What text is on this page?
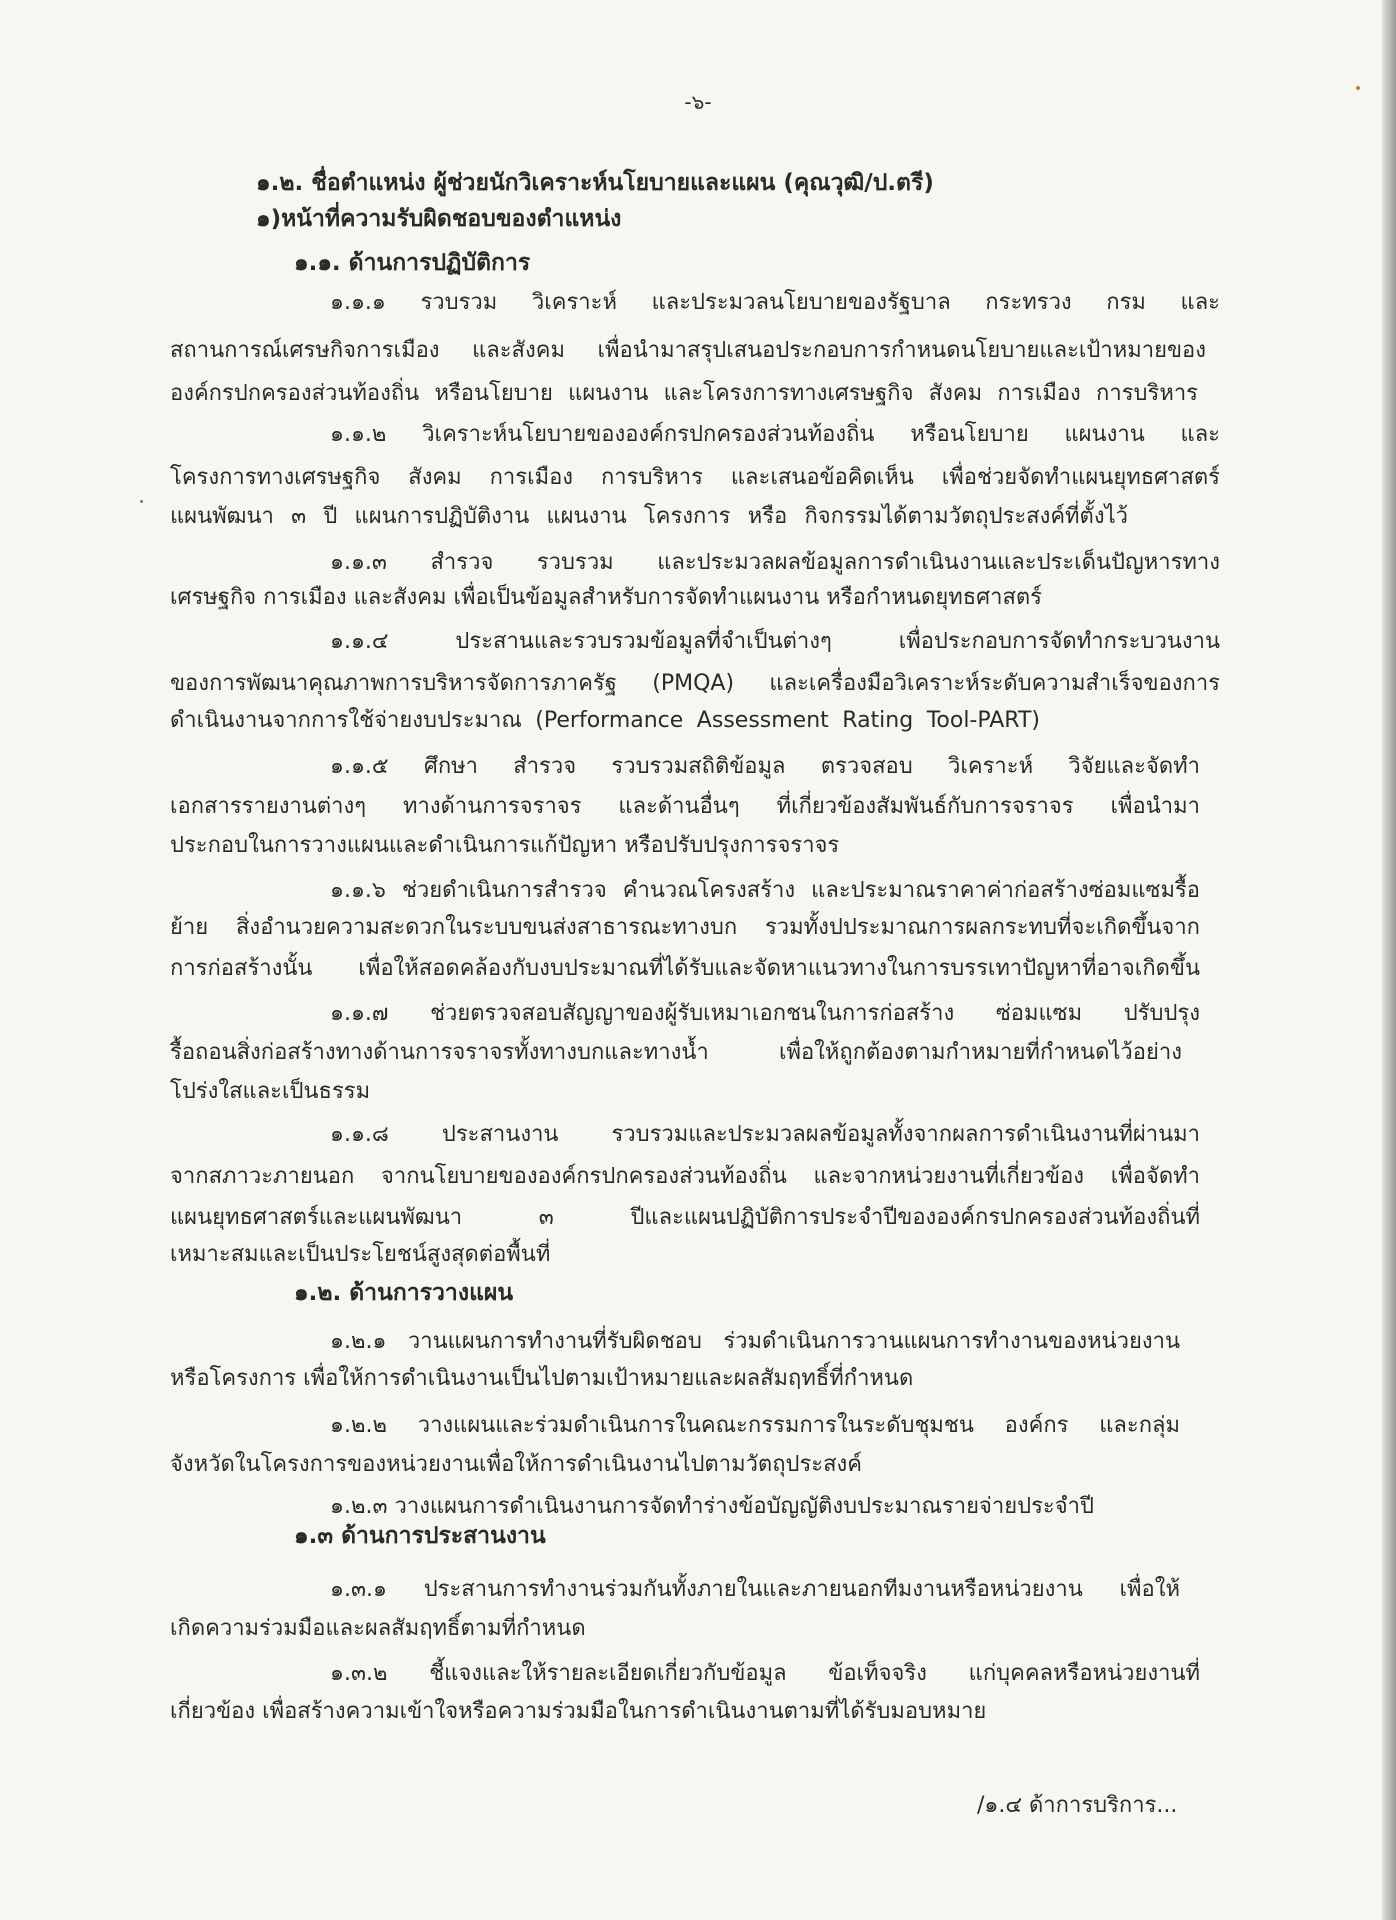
-๖-
๑.๒. ชื่อตำแหน่ง ผู้ช่วยนักวิเคราะห์นโยบายและแผน (คุณวุฒิ/ป.ตรี)
๑)หน้าที่ความรับผิดชอบของตำแหน่ง
๑.๑. ด้านการปฏิบัติการ
๑.๑.๑ รวบรวม วิเคราะห์ และประมวลนโยบายของรัฐบาล กระทรวง กรม และ
สถานการณ์เศรษกิจการเมือง และสังคม เพื่อนำมาสรุปเสนอประกอบการกำหนดนโยบายและเป้าหมายของ
องค์กรปกครองส่วนท้องถิ่น หรือนโยบาย แผนงาน และโครงการทางเศรษฐกิจ สังคม การเมือง การบริหาร
๑.๑.๒ วิเคราะห์นโยบายขององค์กรปกครองส่วนท้องถิ่น หรือนโยบาย แผนงาน และ
โครงการทางเศรษฐกิจ สังคม การเมือง การบริหาร และเสนอข้อคิดเห็น เพื่อช่วยจัดทำแผนยุทธศาสตร์
แผนพัฒนา ๓ ปี แผนการปฏิบัติงาน แผนงาน โครงการ หรือ กิจกรรมได้ตามวัตถุประสงค์ที่ตั้งไว้
๑.๑.๓ สำรวจ รวบรวม และประมวลผลข้อมูลการดำเนินงานและประเด็นปัญหารทาง
เศรษฐกิจ การเมือง และสังคม เพื่อเป็นข้อมูลสำหรับการจัดทำแผนงาน หรือกำหนดยุทธศาสตร์
๑.๑.๔ ประสานและรวบรวมข้อมูลที่จำเป็นต่างๆ เพื่อประกอบการจัดทำกระบวนงาน
ของการพัฒนาคุณภาพการบริหารจัดการภาครัฐ (PMQA) และเครื่องมือวิเคราะห์ระดับความสำเร็จของการ
ดำเนินงานจากการใช้จ่ายงบประมาณ (Performance Assessment Rating Tool-PART)
๑.๑.๕ ศึกษา สำรวจ รวบรวมสถิติข้อมูล ตรวจสอบ วิเคราะห์ วิจัยและจัดทำ
เอกสารรายงานต่างๆ ทางด้านการจราจร และด้านอื่นๆ ที่เกี่ยวข้องสัมพันธ์กับการจราจร เพื่อนำมา
ประกอบในการวางแผนและดำเนินการแก้ปัญหา หรือปรับปรุงการจราจร
๑.๑.๖ ช่วยดำเนินการสำรวจ คำนวณโครงสร้าง และประมาณราคาค่าก่อสร้างซ่อมแซมรื้อ
ย้าย สิ่งอำนวยความสะดวกในระบบขนส่งสาธารณะทางบก รวมทั้งปประมาณการผลกระทบที่จะเกิดขึ้นจาก
การก่อสร้างนั้น เพื่อให้สอดคล้องกับงบประมาณที่ได้รับและจัดหาแนวทางในการบรรเทาปัญหาที่อาจเกิดขึ้น
๑.๑.๗ ช่วยตรวจสอบสัญญาของผู้รับเหมาเอกชนในการก่อสร้าง ซ่อมแซม ปรับปรุง
รื้อถอนสิ่งก่อสร้างทางด้านการจราจรทั้งทางบกและทางน้ำ เพื่อให้ถูกต้องตามกำหมายที่กำหนดไว้อย่าง
โปร่งใสและเป็นธรรม
๑.๑.๘ ประสานงาน รวบรวมและประมวลผลข้อมูลทั้งจากผลการดำเนินงานที่ผ่านมา
จากสภาวะภายนอก จากนโยบายขององค์กรปกครองส่วนท้องถิ่น และจากหน่วยงานที่เกี่ยวข้อง เพื่อจัดทำ
แผนยุทธศาสตร์และแผนพัฒนา ๓ ปีและแผนปฏิบัติการประจำปีขององค์กรปกครองส่วนท้องถิ่นที่
เหมาะสมและเป็นประโยชน์สูงสุดต่อพื้นที่
๑.๒. ด้านการวางแผน
๑.๒.๑ วานแผนการทำงานที่รับผิดชอบ ร่วมดำเนินการวานแผนการทำงานของหน่วยงาน
หรือโครงการ เพื่อให้การดำเนินงานเป็นไปตามเป้าหมายและผลสัมฤทธิ์ที่กำหนด
๑.๒.๒ วางแผนและร่วมดำเนินการในคณะกรรมการในระดับชุมชน องค์กร และกลุ่ม
จังหวัดในโครงการของหน่วยงานเพื่อให้การดำเนินงานไปตามวัตถุประสงค์
๑.๒.๓ วางแผนการดำเนินงานการจัดทำร่างข้อบัญญัติงบประมาณรายจ่ายประจำปี
๑.๓ ด้านการประสานงาน
๑.๓.๑ ประสานการทำงานร่วมกันทั้งภายในและภายนอกทีมงานหรือหน่วยงาน เพื่อให้
เกิดความร่วมมือและผลสัมฤทธิ์ตามที่กำหนด
๑.๓.๒ ชี้แจงและให้รายละเอียดเกี่ยวกับข้อมูล ข้อเท็จจริง แก่บุคคลหรือหน่วยงานที่
เกี่ยวข้อง เพื่อสร้างความเข้าใจหรือความร่วมมือในการดำเนินงานตามที่ได้รับมอบหมาย
/๑.๔ ด้าการบริการ...
